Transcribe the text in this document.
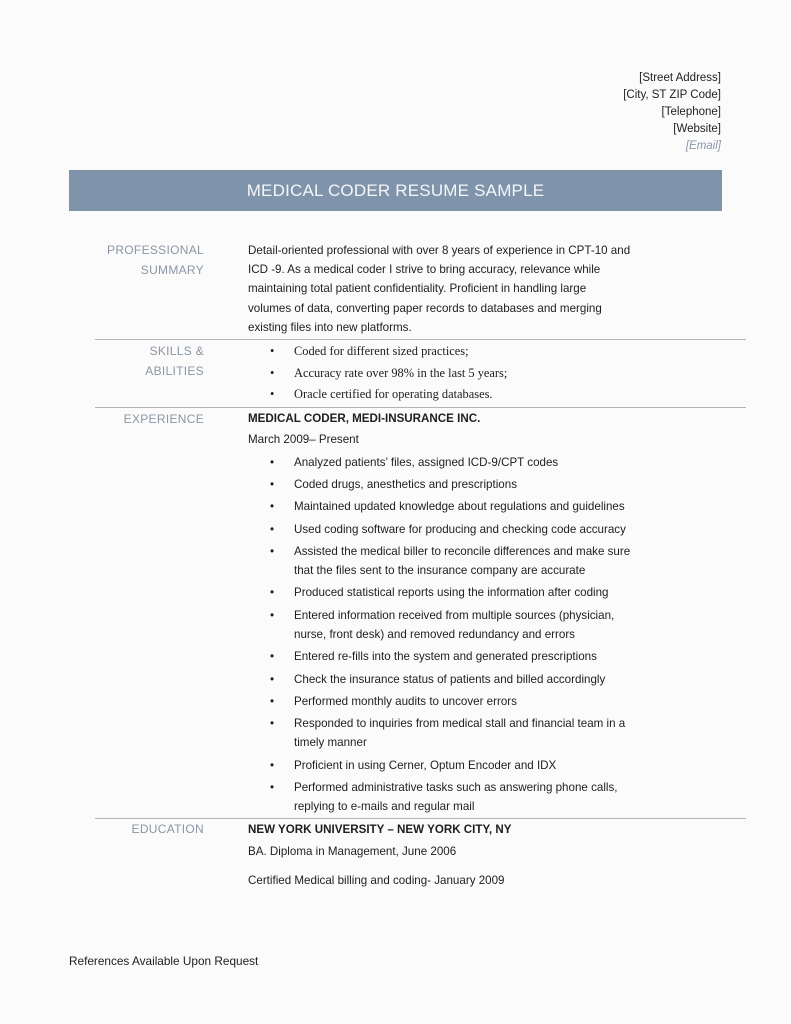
[Street Address]
[City, ST ZIP Code]
[Telephone]
[Website]
[Email]
MEDICAL CODER RESUME SAMPLE
PROFESSIONAL
SUMMARY
Detail-oriented professional with over 8 years of experience in CPT-10 and
ICD -9. As a medical coder I strive to bring accuracy, relevance while
maintaining total patient confidentiality. Proficient in handling large
volumes of data, converting paper records to databases and merging
existing files into new platforms.
SKILLS & ABILITIES
• Coded for different sized practices;
• Accuracy rate over 98% in the last 5 years;
• Oracle certified for operating databases.
EXPERIENCE	MEDICAL CODER, MEDI-INSURANCE INC.
March 2009– Present
• Analyzed patients’ files, assigned ICD-9/CPT codes
• Coded drugs, anesthetics and prescriptions
• Maintained updated knowledge about regulations and guidelines
• Used coding software for producing and checking code accuracy
• Assisted the medical biller to reconcile differences and make sure
that the files sent to the insurance company are accurate
• Produced statistical reports using the information after coding
• Entered information received from multiple sources (physician,
nurse, front desk) and removed redundancy and errors
• Entered re-fills into the system and generated prescriptions
• Check the insurance status of patients and billed accordingly
• Performed monthly audits to uncover errors
• Responded to inquiries from medical stall and financial team in a
timely manner
• Proficient in using Cerner, Optum Encoder and IDX
• Performed administrative tasks such as answering phone calls,
replying to e-mails and regular mail
EDUCATION	NEW YORK UNIVERSITY – NEW YORK CITY, NY
BA. Diploma in Management, June 2006
Certified Medical billing and coding- January 2009
References Available Upon Request
